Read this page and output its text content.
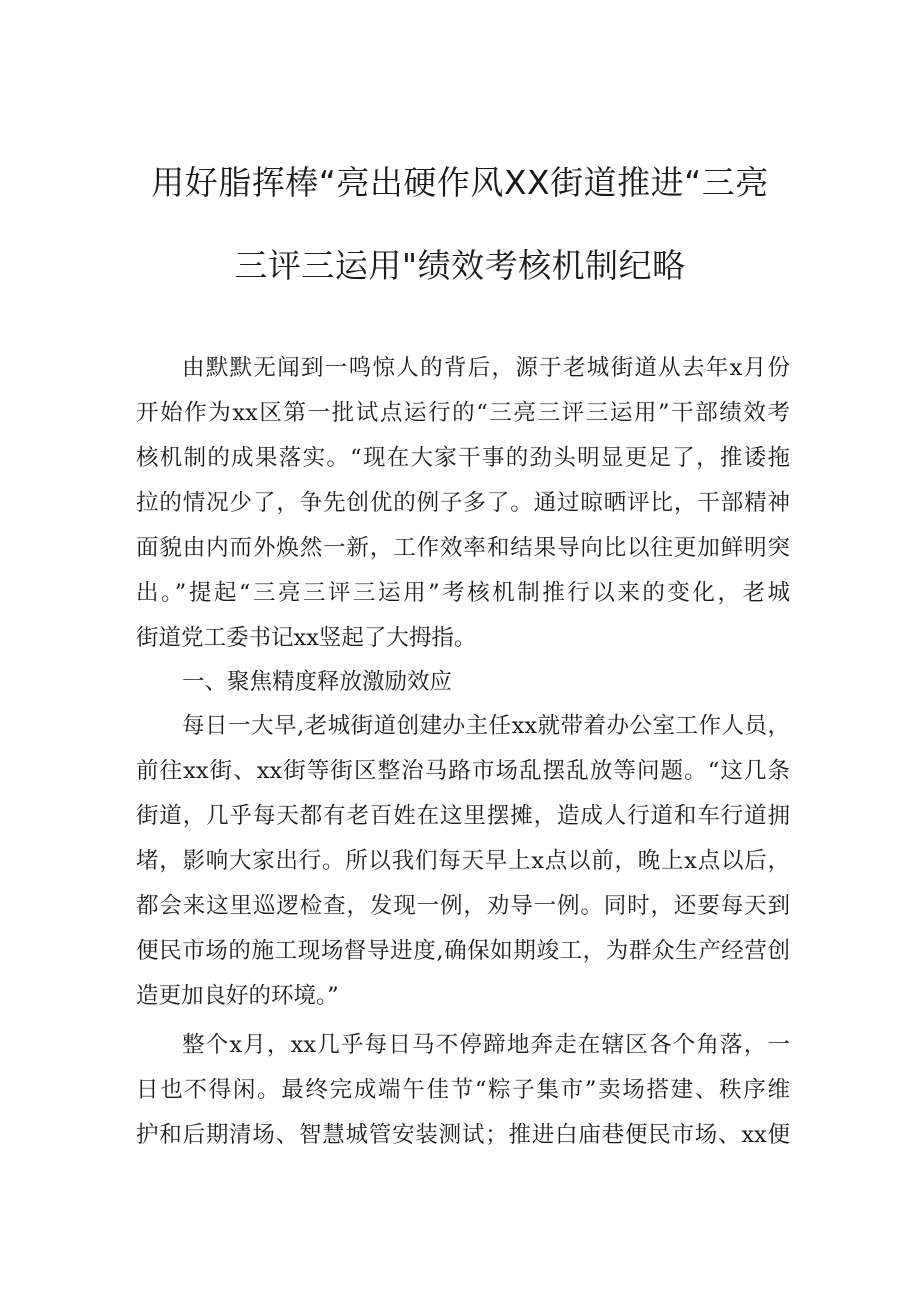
用好脂挥棒“亮出硬作风XX街道推进“三亮
三评三运用"绩效考核机制纪略
由默默无闻到一鸣惊人的背后，源于老城街道从去年x月份
开始作为xx区第一批试点运行的“三亮三评三运用”干部绩效考
核机制的成果落实。“现在大家干事的劲头明显更足了，推诿拖
拉的情况少了，争先创优的例子多了。通过晾晒评比，干部精神
面貌由内而外焕然一新，工作效率和结果导向比以往更加鲜明突
出。”提起“三亮三评三运用”考核机制推行以来的变化，老城
街道党工委书记xx竖起了大拇指。
一、聚焦精度释放激励效应
每日一大早,老城街道创建办主任xx就带着办公室工作人员，
前往xx街、xx街等街区整治马路市场乱摆乱放等问题。“这几条
街道，几乎每天都有老百姓在这里摆摊，造成人行道和车行道拥
堵，影响大家出行。所以我们每天早上x点以前，晚上x点以后，
都会来这里巡逻检查，发现一例，劝导一例。同时，还要每天到
便民市场的施工现场督导进度,确保如期竣工，为群众生产经营创
造更加良好的环境。”
整个x月，xx几乎每日马不停蹄地奔走在辖区各个角落，一
日也不得闲。最终完成端午佳节“粽子集市”卖场搭建、秩序维
护和后期清场、智慧城管安装测试；推进白庙巷便民市场、xx便
